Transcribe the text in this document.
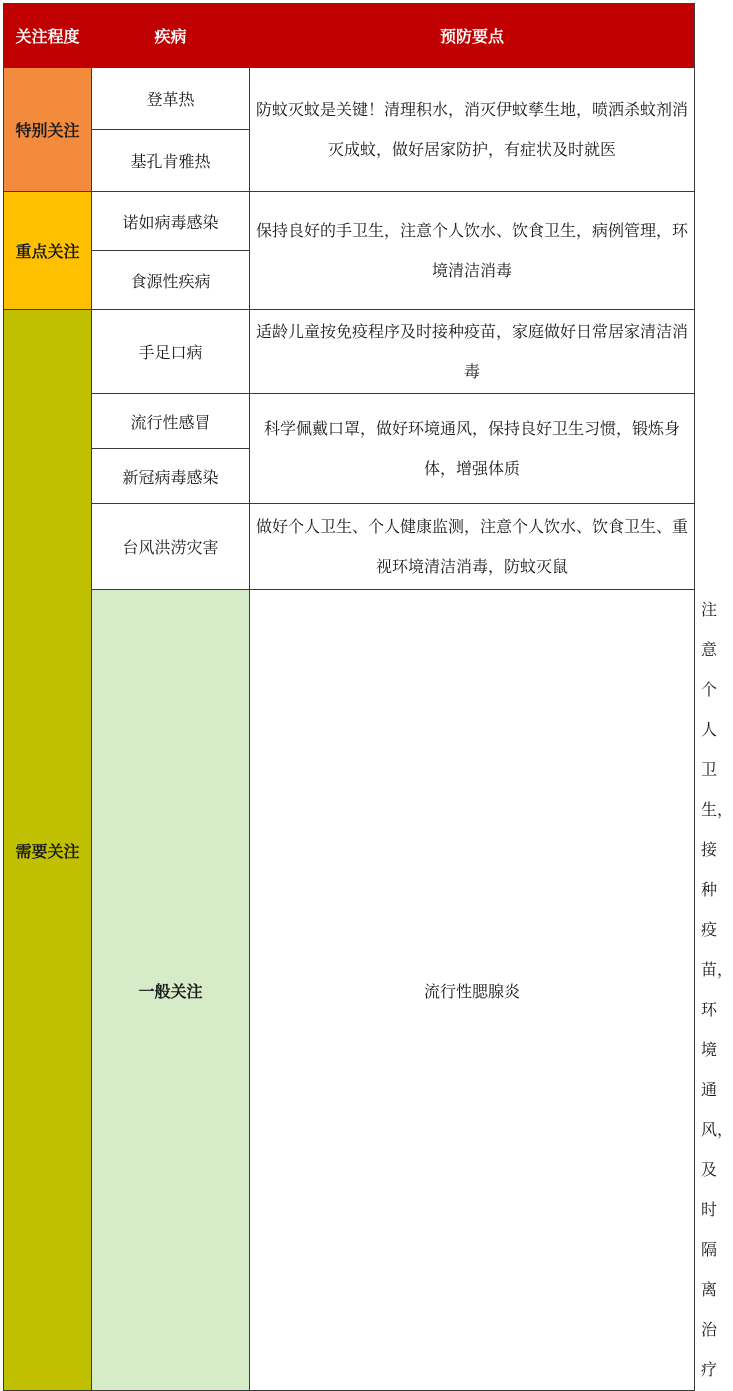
关注程度	疾病	预防要点	
特别关注	登革热	防蚊灭蚊是关键！清理积水，消灭伊蚊孳生地，喷洒杀蚊剂消灭成蚊，做好居家防护，有症状及时就医	
	基孔肯雅热		
重点关注	诺如病毒感染	保持良好的手卫生，注意个人饮水、饮食卫生，病例管理，环境清洁消毒	
	食源性疾病		
需要关注	手足口病	适龄儿童按免疫程序及时接种疫苗，家庭做好日常居家清洁消毒	
	流行性感冒	科学佩戴口罩，做好环境通风，保持良好卫生习惯，锻炼身体，增强体质	
	新冠病毒感染		
	台风洪涝灾害	做好个人卫生、个人健康监测，注意个人饮水、饮食卫生、重视环境清洁消毒，防蚊灭鼠	
	一般关注	流行性腮腺炎	注意个人卫生，接种疫苗，环境通风，及时隔离治疗
